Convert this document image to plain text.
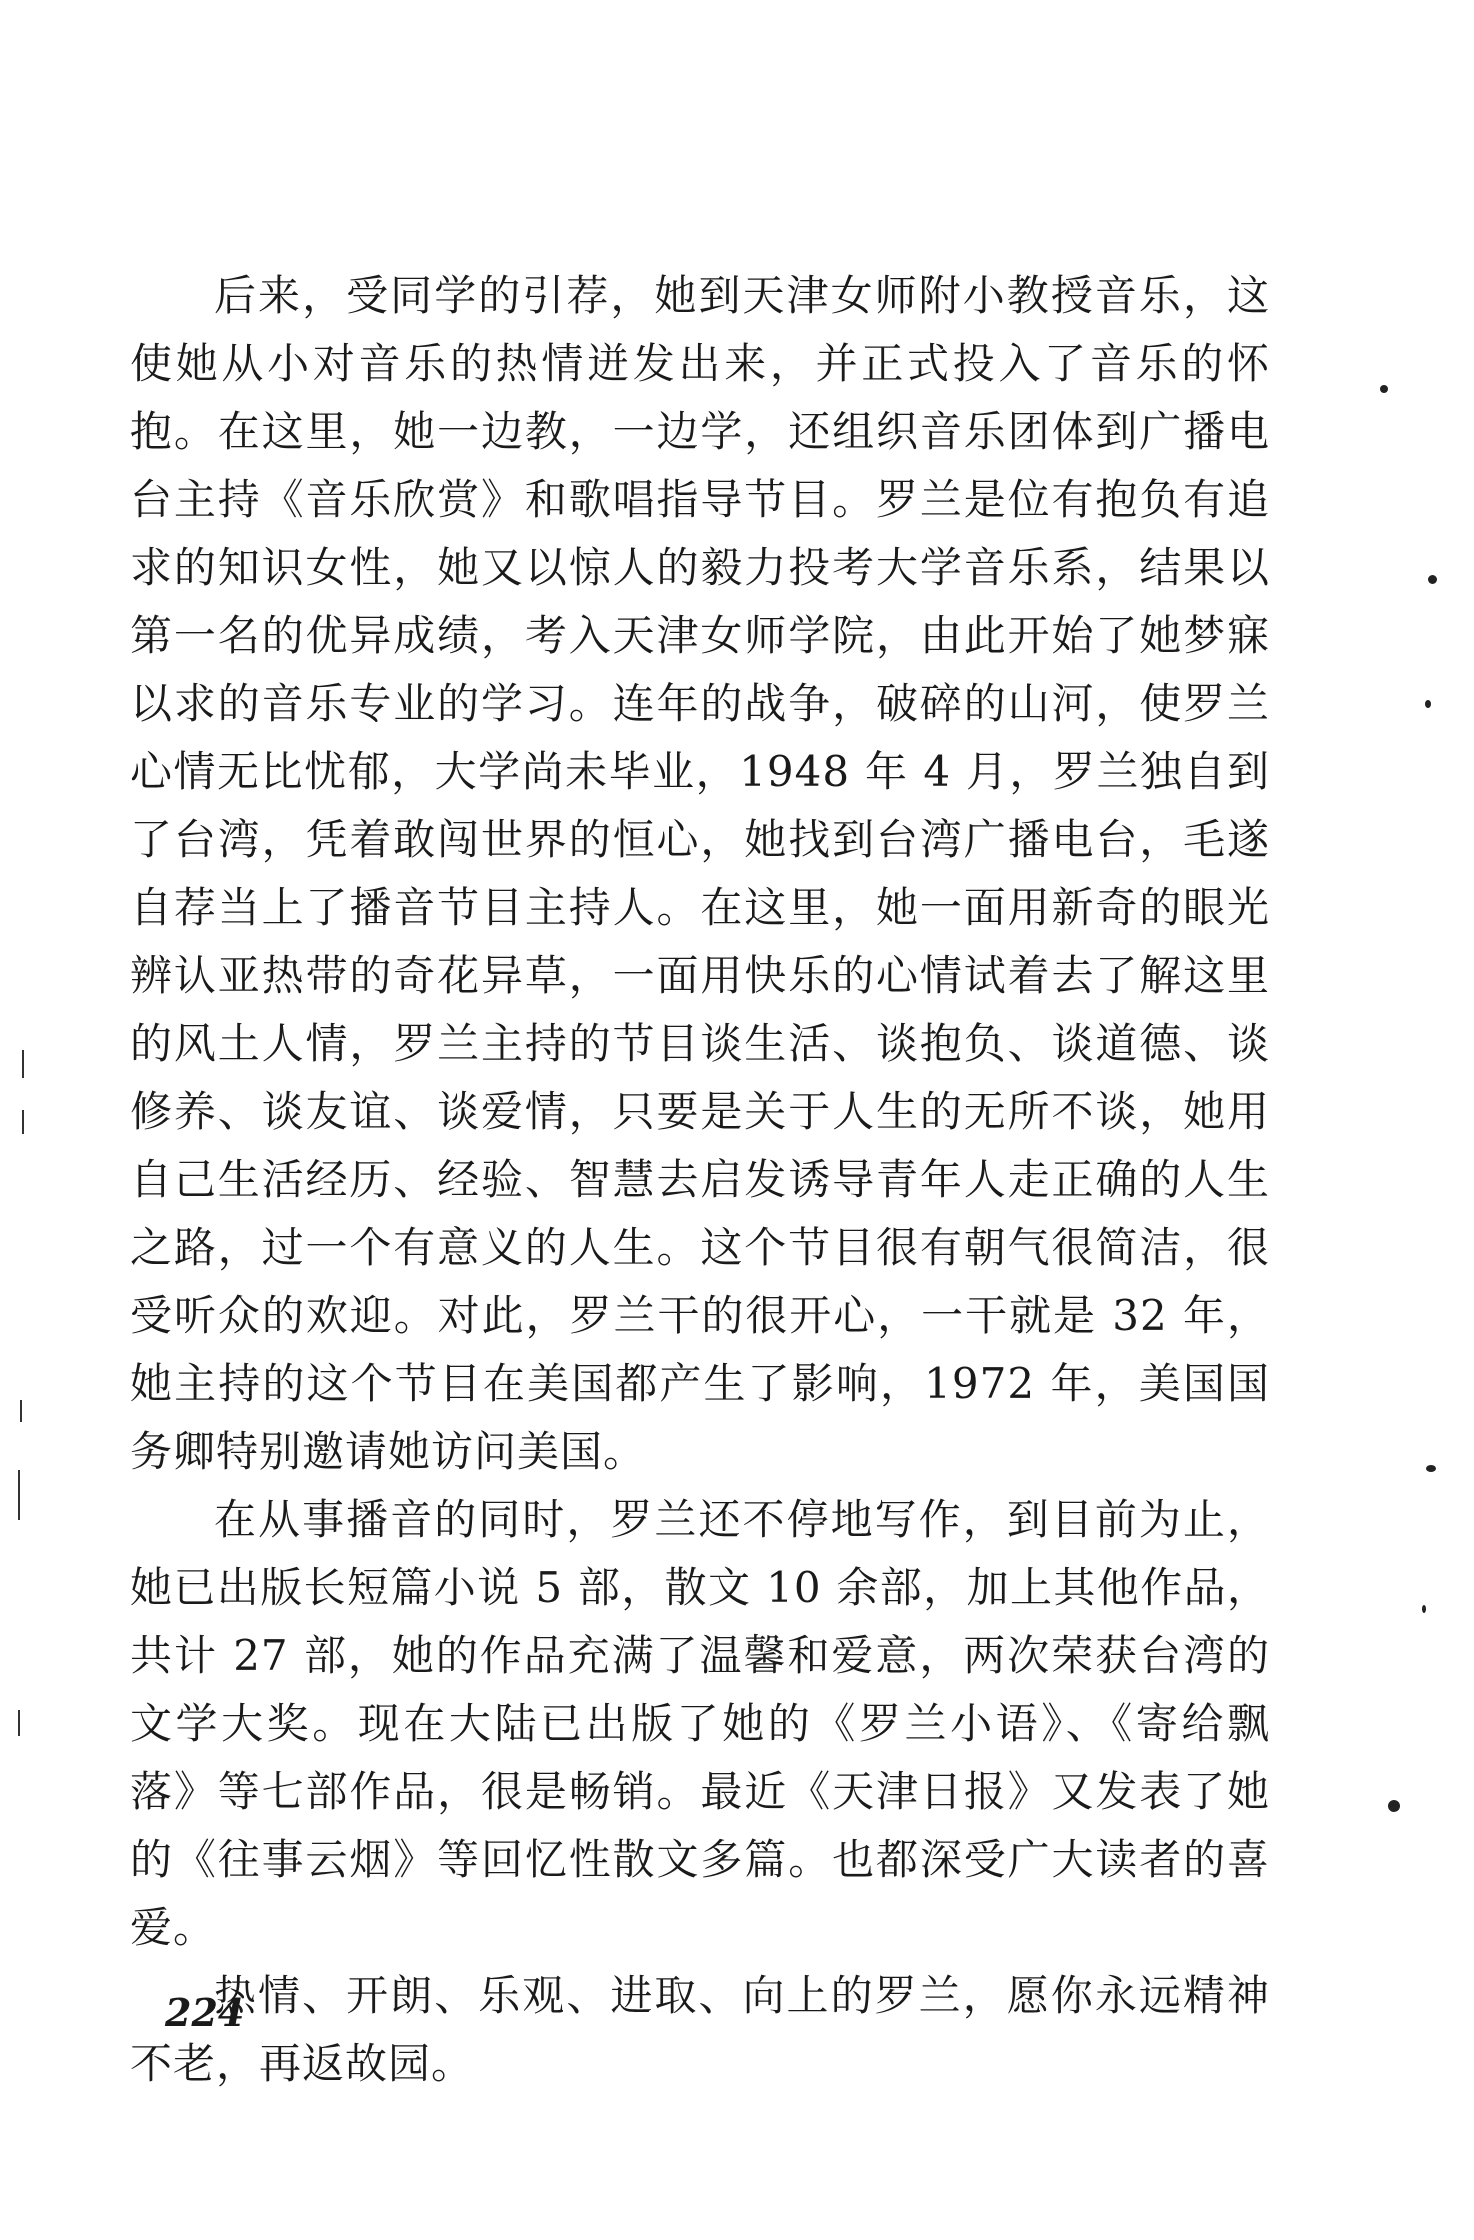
后来，受同学的引荐，她到天津女师附小教授音乐，这使她从小对音乐的热情迸发出来，并正式投入了音乐的怀抱。在这里，她一边教，一边学，还组织音乐团体到广播电台主持《音乐欣赏》和歌唱指导节目。罗兰是位有抱负有追求的知识女性，她又以惊人的毅力投考大学音乐系，结果以第一名的优异成绩，考入天津女师学院，由此开始了她梦寐以求的音乐专业的学习。连年的战争，破碎的山河，使罗兰心情无比忧郁，大学尚未毕业，1948 年 4 月，罗兰独自到了台湾，凭着敢闯世界的恒心，她找到台湾广播电台，毛遂自荐当上了播音节目主持人。在这里，她一面用新奇的眼光辨认亚热带的奇花异草，一面用快乐的心情试着去了解这里的风土人情，罗兰主持的节目谈生活、谈抱负、谈道德、谈修养、谈友谊、谈爱情，只要是关于人生的无所不谈，她用自己生活经历、经验、智慧去启发诱导青年人走正确的人生之路，过一个有意义的人生。这个节目很有朝气很简洁，很受听众的欢迎。对此，罗兰干的很开心，一干就是 32 年，她主持的这个节目在美国都产生了影响，1972 年，美国国务卿特别邀请她访问美国。

在从事播音的同时，罗兰还不停地写作，到目前为止，她已出版长短篇小说 5 部，散文 10 余部，加上其他作品，共计 27 部，她的作品充满了温馨和爱意，两次荣获台湾的文学大奖。现在大陆已出版了她的《罗兰小语》、《寄给飘落》等七部作品，很是畅销。最近《天津日报》又发表了她的《往事云烟》等回忆性散文多篇。也都深受广大读者的喜爱。

热情、开朗、乐观、进取、向上的罗兰，愿你永远精神不老，再返故园。

224
